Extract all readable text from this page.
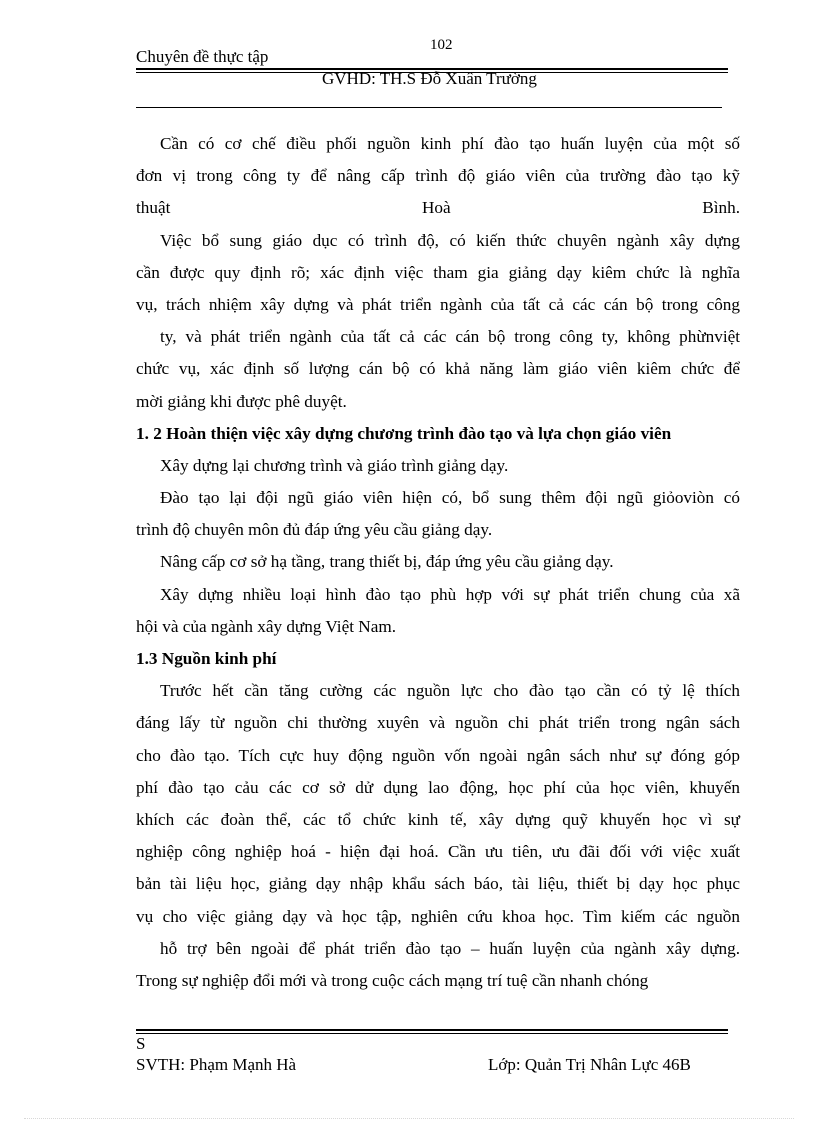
102
Chuyên đề thực tập
GVHD: TH.S Đỗ Xuân Trường
Cần có cơ chế điều phối nguồn kinh phí đào tạo huấn luyện của một số
đơn vị trong công ty để nâng cấp trình độ giáo viên của trường đào tạo kỹ
thuật Hoà Bình.
Việc bổ sung giáo dục có trình độ, có kiến thức chuyên ngành xây dựng
cần được quy định rõ; xác định việc tham gia giảng dạy kiêm chức là nghĩa
vụ, trách nhiệm xây dựng và phát triển ngành của tất cả các cán bộ trong công
ty, và phát triển ngành của tất cả các cán bộ trong công ty, không phừnviệt
chức vụ, xác định số lượng cán bộ có khả năng làm giáo viên kiêm chức để
mời giảng khi được phê duyệt.
1. 2 Hoàn thiện việc xây dựng chương trình đào tạo và lựa chọn giáo viên
Xây dựng lại chương trình và giáo trình giảng dạy.
Đào tạo lại đội ngũ giáo viên hiện có, bổ sung thêm đội ngũ giỏoviòn có
trình độ chuyên môn đủ đáp ứng yêu cầu giảng dạy.
Nâng cấp cơ sở hạ tầng, trang thiết bị, đáp ứng yêu cầu giảng dạy.
Xây dựng nhiều loại hình đào tạo phù hợp với sự phát triển chung của xã
hội và của ngành xây dựng Việt Nam.
1.3 Nguồn kinh phí
Trước hết cần tăng cường các nguồn lực cho đào tạo cần có tỷ lệ thích
đáng lấy từ nguồn chi thường xuyên và nguồn chi phát triển trong ngân sách
cho đào tạo. Tích cực huy động nguồn vốn ngoài ngân sách như sự đóng góp
phí đào tạo cảu các cơ sở dử dụng lao động, học phí của học viên, khuyến
khích các đoàn thể, các tổ chức kinh tế, xây dựng quỹ khuyến học vì sự
nghiệp công nghiệp hoá - hiện đại hoá. Cần ưu tiên, ưu đãi đối với việc xuất
bản tài liệu học, giảng dạy nhập khẩu sách báo, tài liệu, thiết bị dạy học phục
vụ cho việc giảng dạy và học tập, nghiên cứu khoa học. Tìm kiếm các nguồn
hỗ trợ bên ngoài để phát triển đào tạo – huấn luyện của ngành xây dựng.
Trong sự nghiệp đổi mới và trong cuộc cách mạng trí tuệ cần nhanh chóng
S
SVTH: Phạm Mạnh Hà	Lớp: Quản Trị Nhân Lực 46B
